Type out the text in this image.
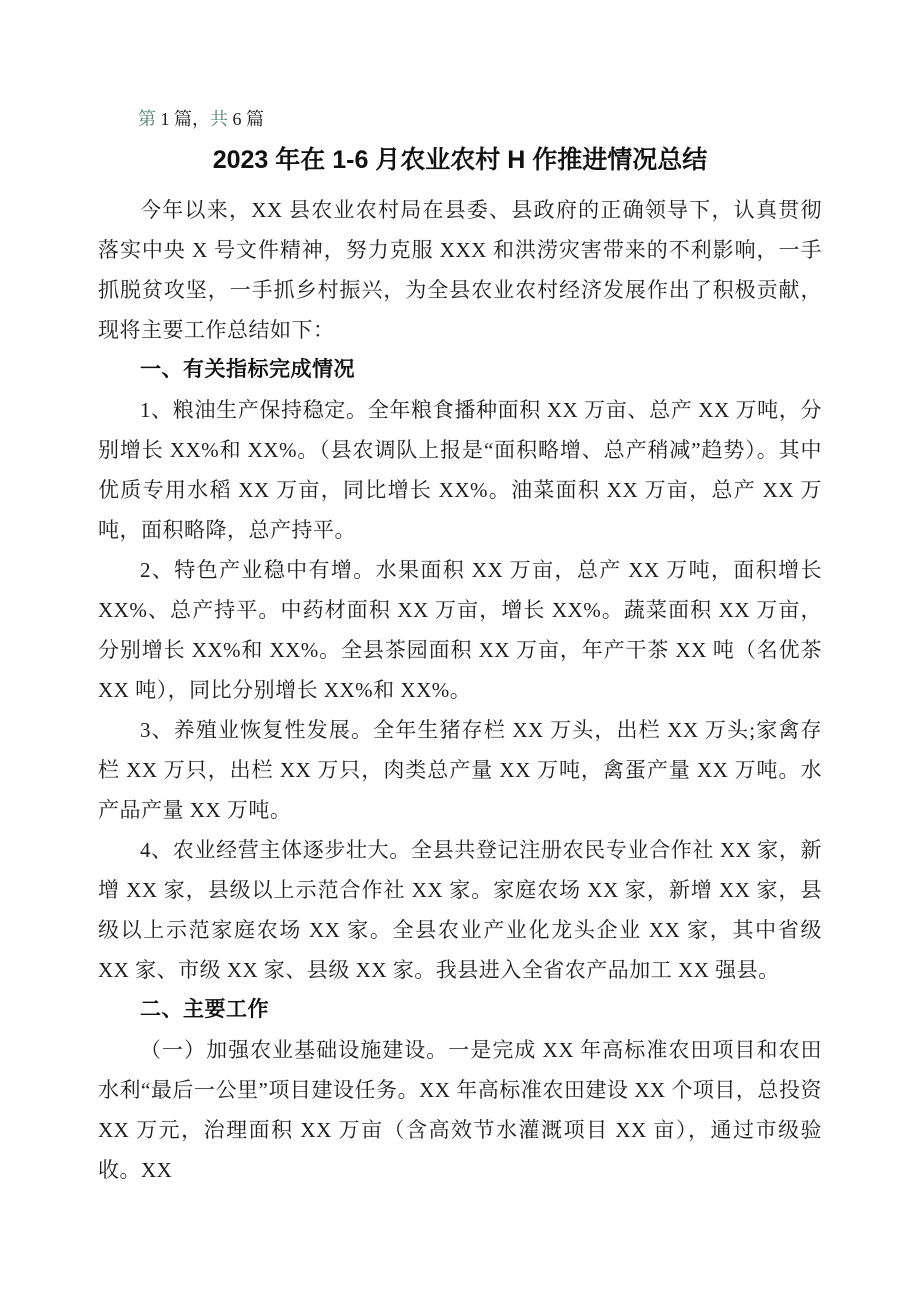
第 1 篇，共 6 篇
2023 年在 1-6 月农业农村 H 作推进情况总结

今年以来，XX 县农业农村局在县委、县政府的正确领导下，认真贯彻落实中央 X 号文件精神，努力克服 XXX 和洪涝灾害带来的不利影响，一手抓脱贫攻坚，一手抓乡村振兴，为全县农业农村经济发展作出了积极贡献，现将主要工作总结如下：

一、有关指标完成情况

1、粮油生产保持稳定。全年粮食播种面积 XX 万亩、总产 XX 万吨，分别增长 XX%和 XX%。（县农调队上报是“面积略增、总产稍减”趋势）。其中优质专用水稻 XX 万亩，同比增长 XX%。油菜面积 XX 万亩，总产 XX 万吨，面积略降，总产持平。

2、特色产业稳中有增。水果面积 XX 万亩，总产 XX 万吨，面积增长 XX%、总产持平。中药材面积 XX 万亩，增长 XX%。蔬菜面积 XX 万亩，分别增长 XX%和 XX%。全县茶园面积 XX 万亩，年产干茶 XX 吨（名优茶 XX 吨），同比分别增长 XX%和 XX%。

3、养殖业恢复性发展。全年生猪存栏 XX 万头，出栏 XX 万头;家禽存栏 XX 万只，出栏 XX 万只，肉类总产量 XX 万吨，禽蛋产量 XX 万吨。水产品产量 XX 万吨。

4、农业经营主体逐步壮大。全县共登记注册农民专业合作社 XX 家，新增 XX 家，县级以上示范合作社 XX 家。家庭农场 XX 家，新增 XX 家，县级以上示范家庭农场 XX 家。全县农业产业化龙头企业 XX 家，其中省级 XX 家、市级 XX 家、县级 XX 家。我县进入全省农产品加工 XX 强县。

二、主要工作

（一）加强农业基础设施建设。一是完成 XX 年高标准农田项目和农田水利“最后一公里”项目建设任务。XX 年高标准农田建设 XX 个项目，总投资 XX 万元，治理面积 XX 万亩（含高效节水灌溉项目 XX 亩），通过市级验收。XX
